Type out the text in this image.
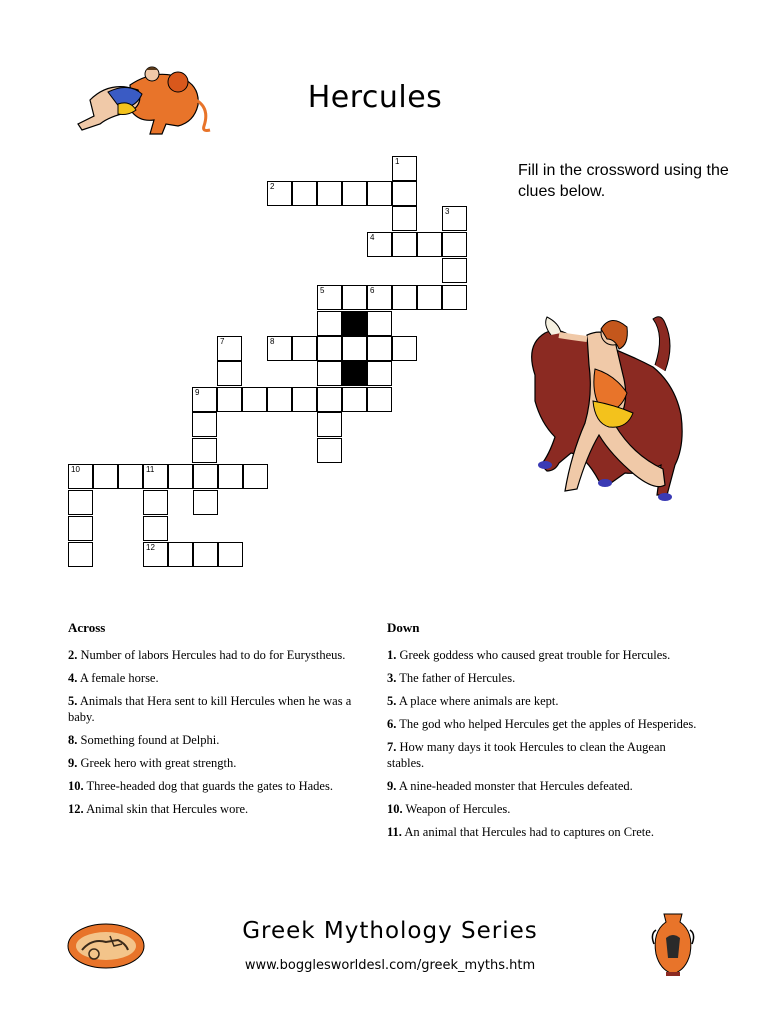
Hercules
Fill in the crossword using the clues below.
1
2
3
4
5	6
7	8
9
10	11
12
Across
2. Number of labors Hercules had to do for Eurystheus.
4. A female horse.
5. Animals that Hera sent to kill Hercules when he was a baby.
8. Something found at Delphi.
9. Greek hero with great strength.
10. Three-headed dog that guards the gates to Hades.
12. Animal skin that Hercules wore.
Down
1. Greek goddess who caused great trouble for Hercules.
3. The father of Hercules.
5. A place where animals are kept.
6. The god who helped Hercules get the apples of Hesperides.
7. How many days it took Hercules to clean the Augean stables.
9. A nine-headed monster that Hercules defeated.
10. Weapon of Hercules.
11. An animal that Hercules had to captures on Crete.
Greek Mythology Series
www.bogglesworldesl.com/greek_myths.htm
